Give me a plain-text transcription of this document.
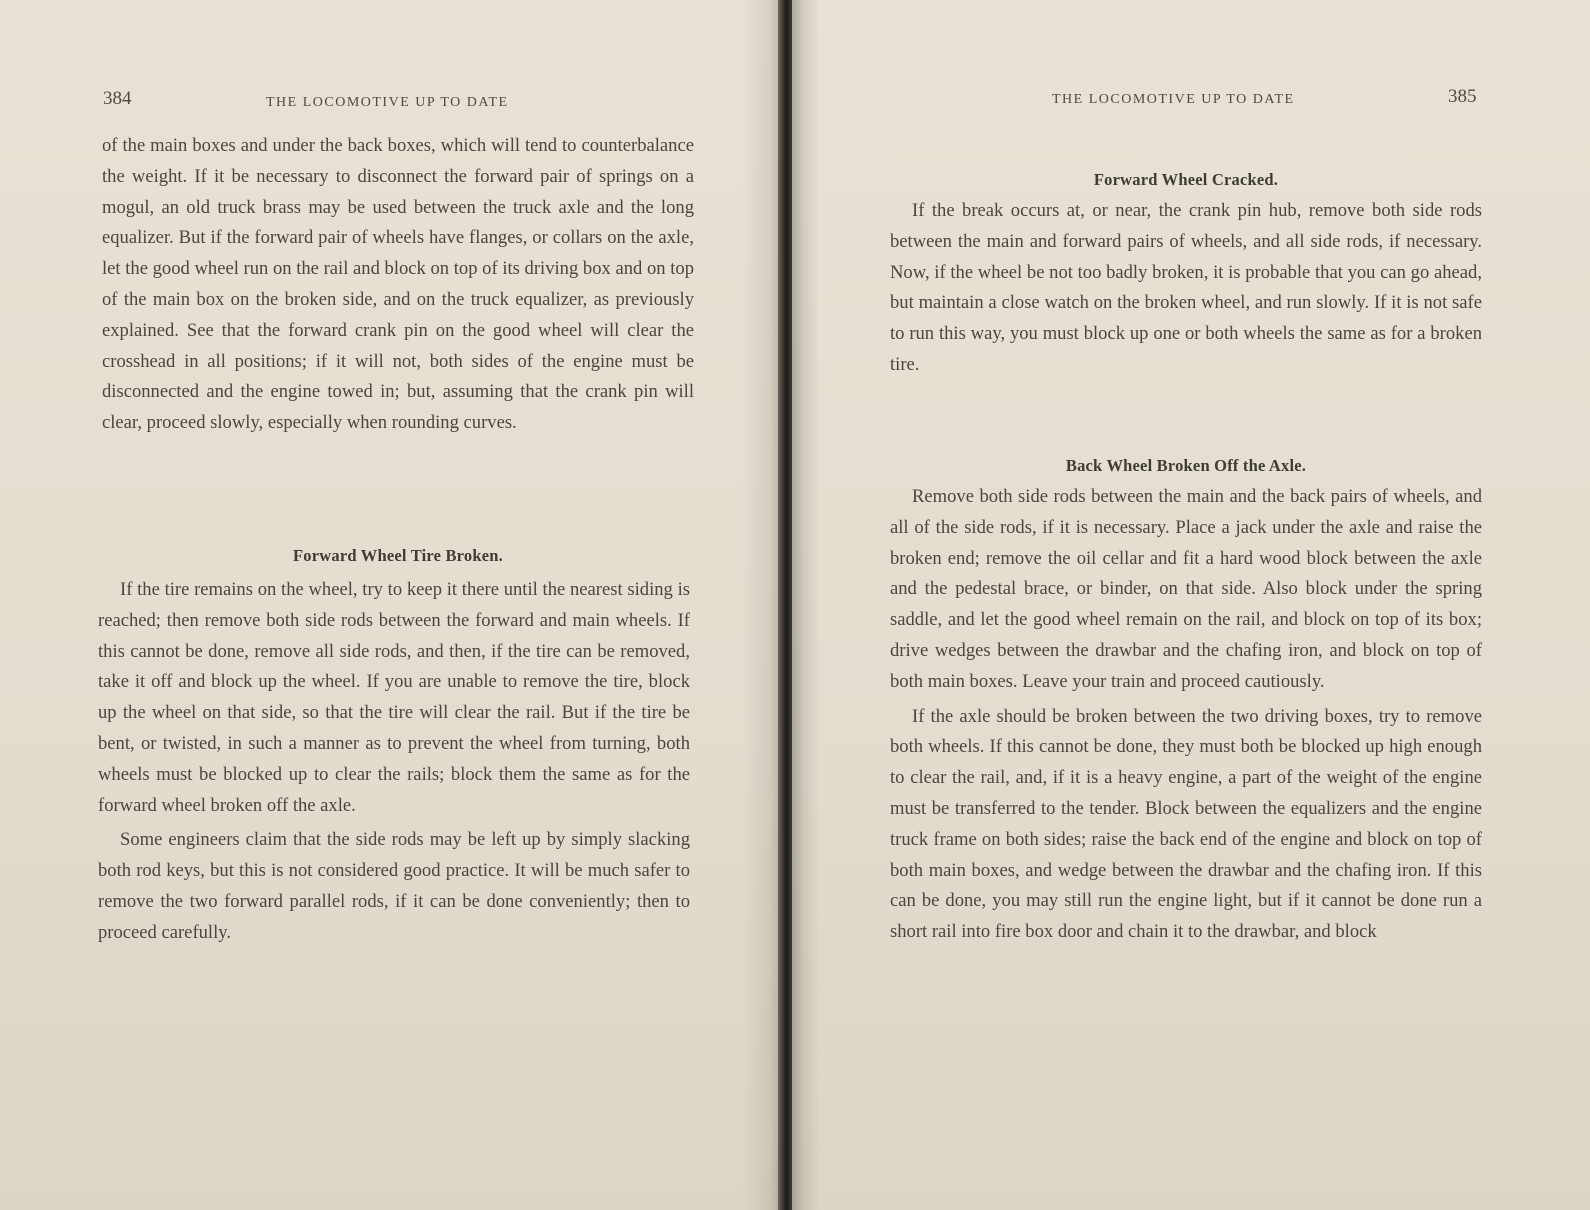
384	THE LOCOMOTIVE UP TO DATE

of the main boxes and under the back boxes, which will tend to counterbalance the weight. If it be necessary to disconnect the forward pair of springs on a mogul, an old truck brass may be used between the truck axle and the long equalizer. But if the forward pair of wheels have flanges, or collars on the axle, let the good wheel run on the rail and block on top of its driving box and on top of the main box on the broken side, and on the truck equalizer, as previously explained. See that the forward crank pin on the good wheel will clear the crosshead in all positions; if it will not, both sides of the engine must be disconnected and the engine towed in; but, assuming that the crank pin will clear, proceed slowly, especially when rounding curves.

Forward Wheel Tire Broken.

If the tire remains on the wheel, try to keep it there until the nearest siding is reached; then remove both side rods between the forward and main wheels. If this cannot be done, remove all side rods, and then, if the tire can be removed, take it off and block up the wheel. If you are unable to remove the tire, block up the wheel on that side, so that the tire will clear the rail. But if the tire be bent, or twisted, in such a manner as to prevent the wheel from turning, both wheels must be blocked up to clear the rails; block them the same as for the forward wheel broken off the axle.

Some engineers claim that the side rods may be left up by simply slacking both rod keys, but this is not considered good practice. It will be much safer to remove the two forward parallel rods, if it can be done conveniently; then to proceed carefully.

THE LOCOMOTIVE UP TO DATE	385
Forward Wheel Cracked.

If the break occurs at, or near, the crank pin hub, remove both side rods between the main and forward pairs of wheels, and all side rods, if necessary. Now, if the wheel be not too badly broken, it is probable that you can go ahead, but maintain a close watch on the broken wheel, and run slowly. If it is not safe to run this way, you must block up one or both wheels the same as for a broken tire.

Back Wheel Broken Off the Axle.

Remove both side rods between the main and the back pairs of wheels, and all of the side rods, if it is necessary. Place a jack under the axle and raise the broken end; remove the oil cellar and fit a hard wood block between the axle and the pedestal brace, or binder, on that side. Also block under the spring saddle, and let the good wheel remain on the rail, and block on top of its box; drive wedges between the drawbar and the chafing iron, and block on top of both main boxes. Leave your train and proceed cautiously.

If the axle should be broken between the two driving boxes, try to remove both wheels. If this cannot be done, they must both be blocked up high enough to clear the rail, and, if it is a heavy engine, a part of the weight of the engine must be transferred to the tender. Block between the equalizers and the engine truck frame on both sides; raise the back end of the engine and block on top of both main boxes, and wedge between the drawbar and the chafing iron. If this can be done, you may still run the engine light, but if it cannot be done run a short rail into fire box door and chain it to the drawbar, and block
